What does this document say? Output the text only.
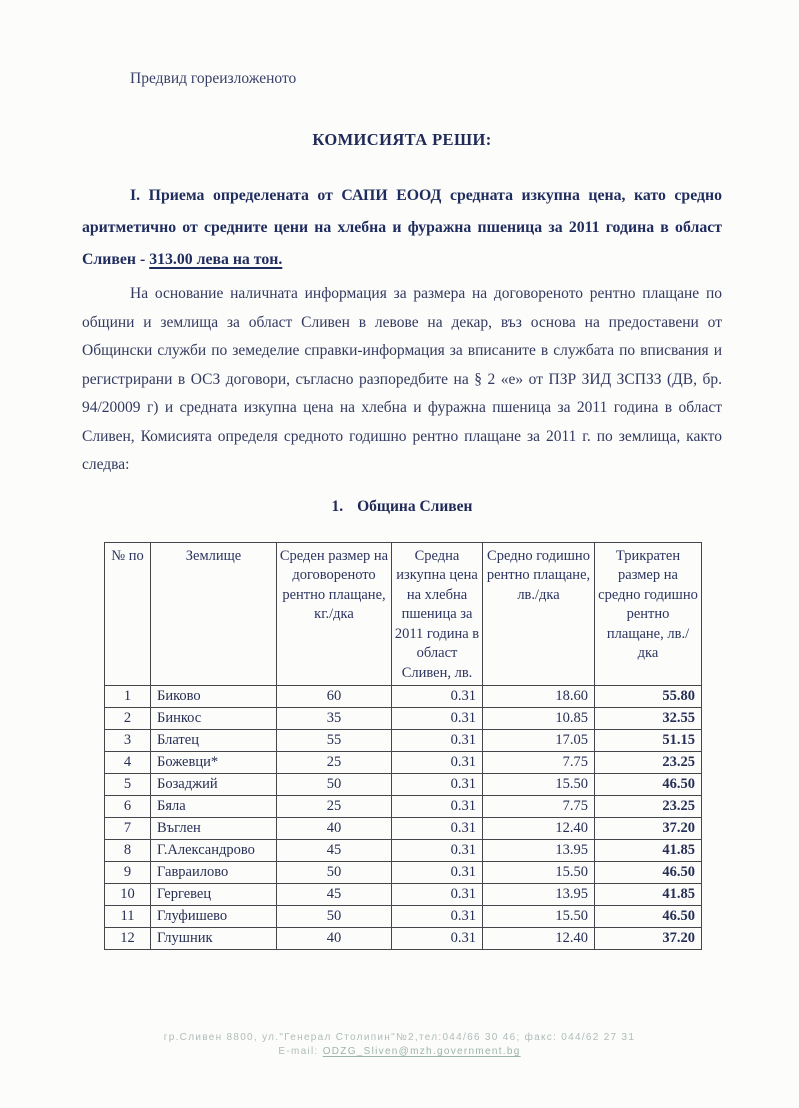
Предвид гореизложеното

КОМИСИЯТА РЕШИ:

I. Приема определената от САПИ ЕООД средната изкупна цена, като средно аритметично от средните цени на хлебна и фуражна пшеница за 2011 година в област Сливен - 313.00 лева на тон.

На основание наличната информация за размера на договореното рентно плащане по общини и землища за област Сливен в левове на декар, въз основа на предоставени от Общински служби по земеделие справки-информация за вписаните в службата по вписвания и регистрирани в ОСЗ договори, съгласно разпоредбите на § 2 «е» от ПЗР ЗИД ЗСПЗЗ (ДВ, бр. 94/20009 г) и средната изкупна цена на хлебна и фуражна пшеница за 2011 година в област Сливен, Комисията определя средното годишно рентно плащане за 2011 г. по землища, както следва:

1. Община Сливен

№ по	Землище	Среден размер на договореното рентно плащане, кг./дка	Средна изкупна цена на хлебна пшеница за 2011 година в област Сливен, лв.	Средно годишно рентно плащане, лв./дка	Трикратен размер на средно годишно рентно плащане, лв./дка
1	Биково	60	0.31	18.60	55.80
2	Бинкос	35	0.31	10.85	32.55
3	Блатец	55	0.31	17.05	51.15
4	Божевци*	25	0.31	7.75	23.25
5	Бозаджий	50	0.31	15.50	46.50
6	Бяла	25	0.31	7.75	23.25
7	Въглен	40	0.31	12.40	37.20
8	Г.Александрово	45	0.31	13.95	41.85
9	Гавраилово	50	0.31	15.50	46.50
10	Гергевец	45	0.31	13.95	41.85
11	Глуфишево	50	0.31	15.50	46.50
12	Глушник	40	0.31	12.40	37.20
гр.Сливен 8800, ул."Генерал Столипин"№2,тел:044/66 30 46; факс: 044/62 27 31
E-mail: ODZG_Sliven@mzh.government.bg
